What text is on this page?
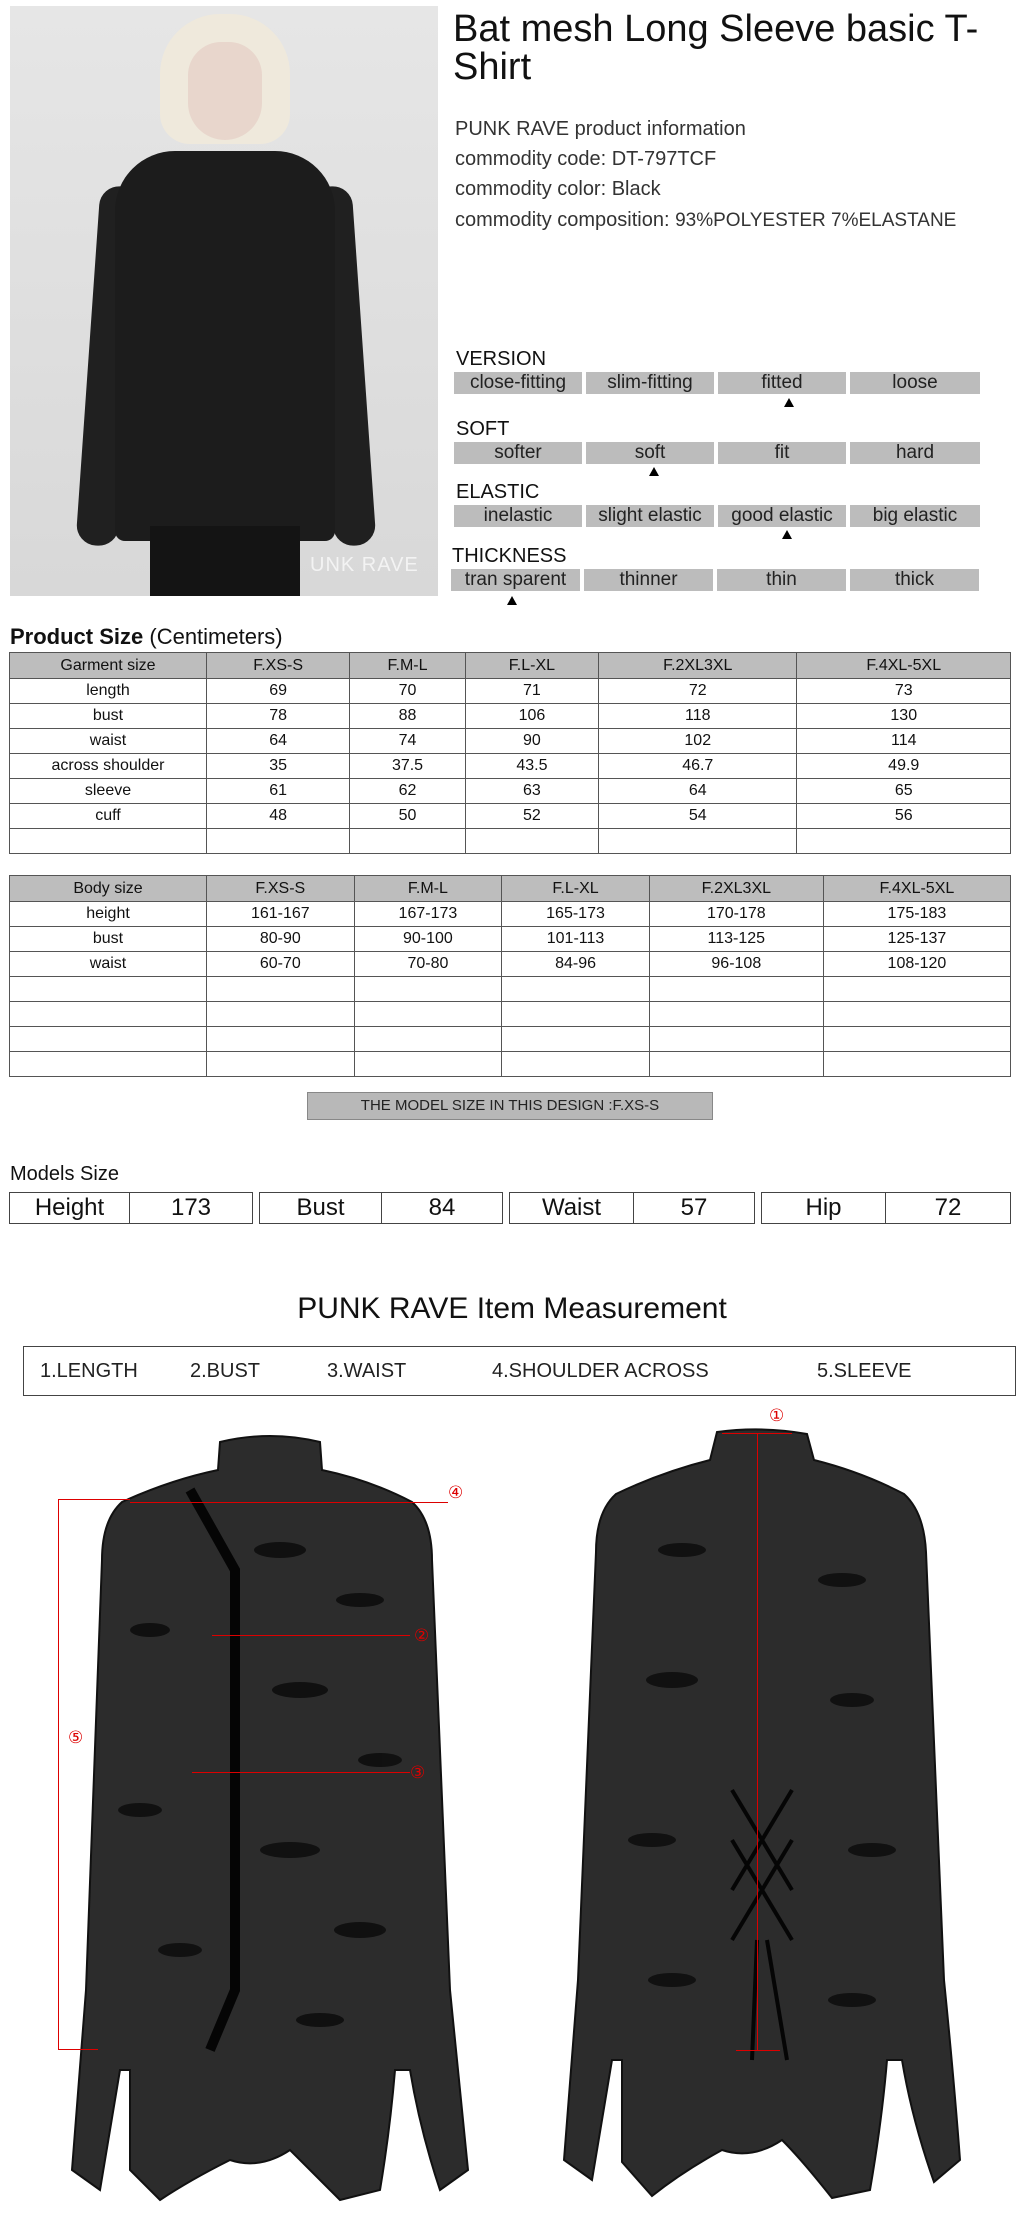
UNK RAVE
Bat mesh Long Sleeve basic T-Shirt
PUNK RAVE product information
commodity code: DT-797TCF
commodity color: Black
commodity composition: 93%POLYESTER 7%ELASTANE
VERSION
close-fitting	slim-fitting	fitted	loose
SOFT
softer	soft	fit	hard
ELASTIC
inelastic	slight elastic	good elastic	big elastic
THICKNESS
tran sparent	thinner	thin	thick
Product Size (Centimeters)
Garment size	F.XS-S	F.M-L	F.L-XL	F.2XL3XL	F.4XL-5XL
length	69	70	71	72	73
bust	78	88	106	118	130
waist	64	74	90	102	114
across shoulder	35	37.5	43.5	46.7	49.9
sleeve	61	62	63	64	65
cuff	48	50	52	54	56

Body size	F.XS-S	F.M-L	F.L-XL	F.2XL3XL	F.4XL-5XL
height	161-167	167-173	165-173	170-178	175-183
bust	80-90	90-100	101-113	113-125	125-137
waist	60-70	70-80	84-96	96-108	108-120

THE MODEL SIZE IN THIS DESIGN :F.XS-S
Models Size
Height	173	Bust	84	Waist	57	Hip	72
PUNK RAVE Item Measurement
1.LENGTH	2.BUST	3.WAIST	4.SHOULDER ACROSS	5.SLEEVE
④
②
③
⑤
①
